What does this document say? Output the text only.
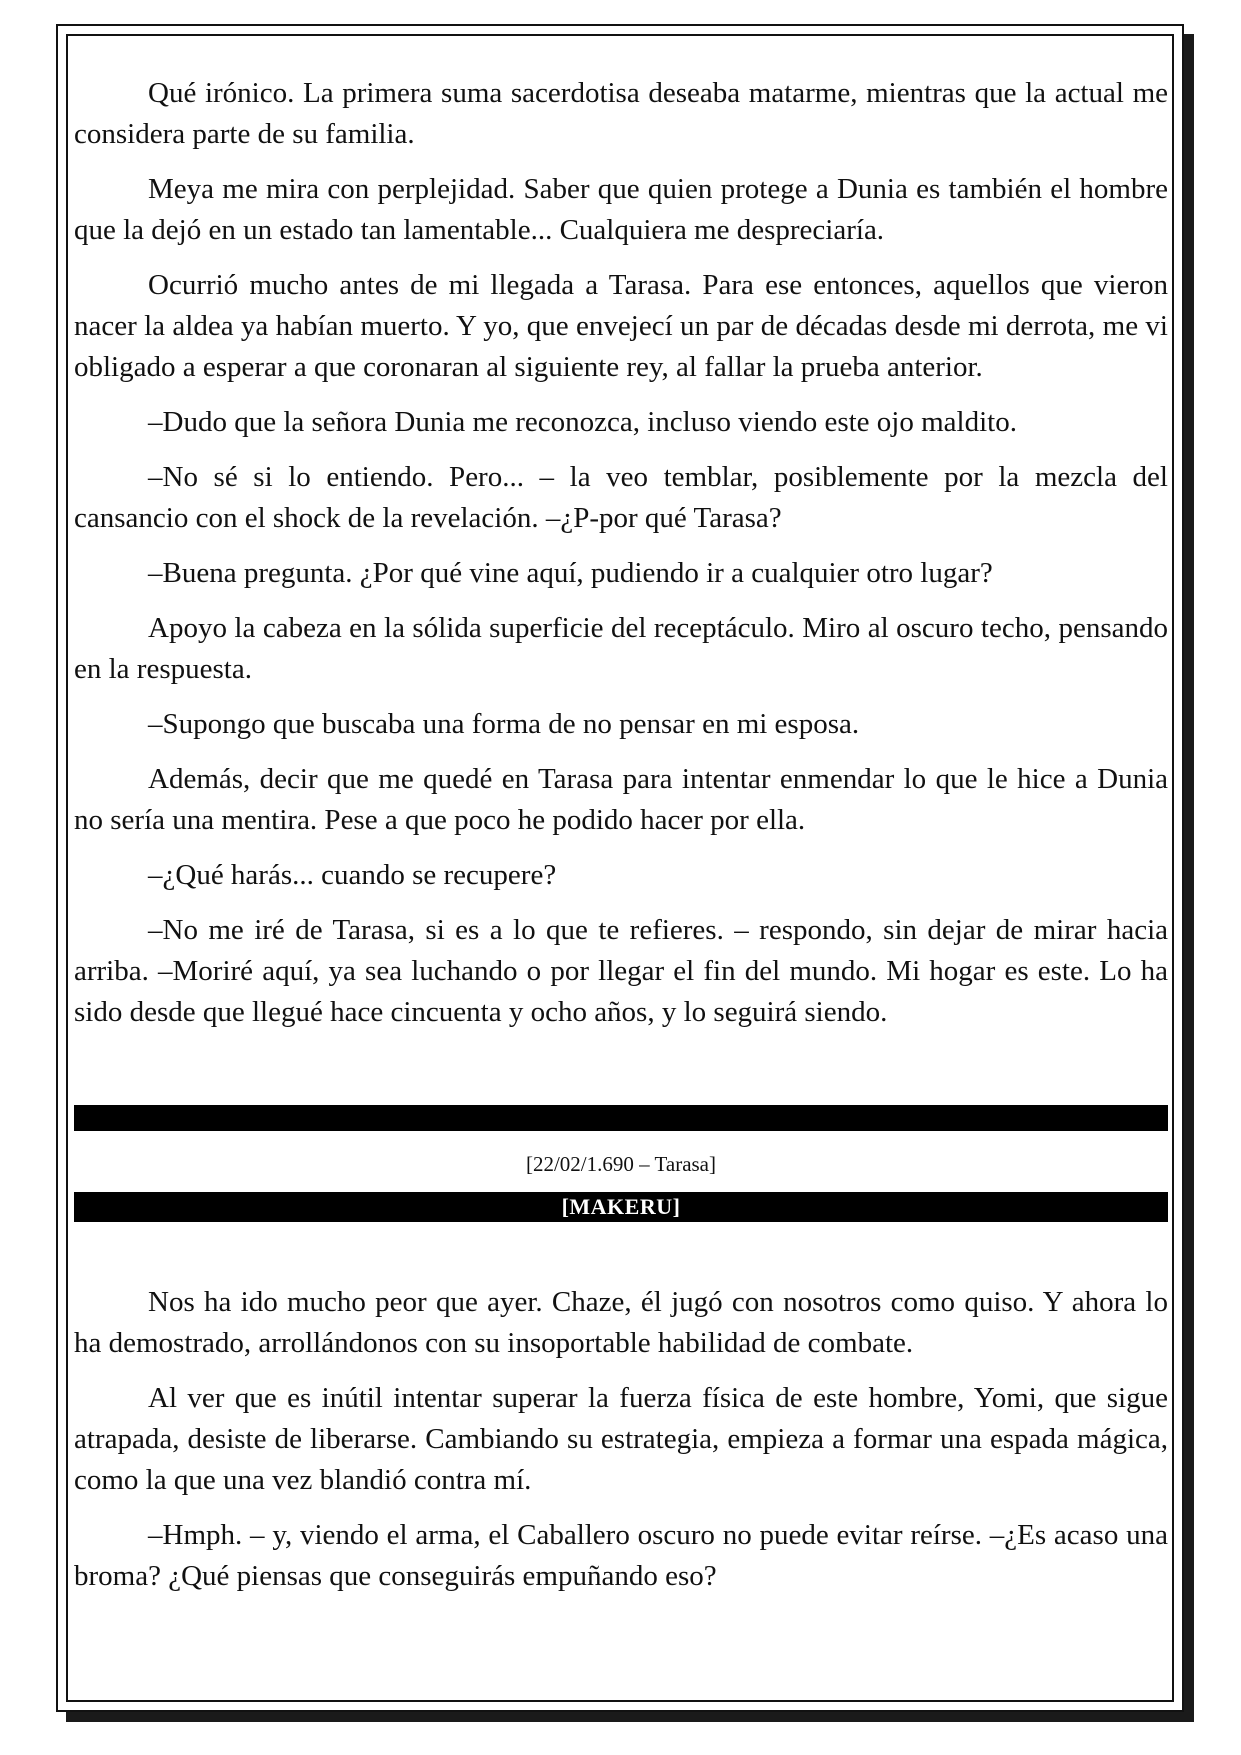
Qué irónico. La primera suma sacerdotisa deseaba matarme, mientras que la actual me considera parte de su familia.

Meya me mira con perplejidad. Saber que quien protege a Dunia es también el hombre que la dejó en un estado tan lamentable... Cualquiera me despreciaría.

Ocurrió mucho antes de mi llegada a Tarasa. Para ese entonces, aquellos que vieron nacer la aldea ya habían muerto. Y yo, que envejecí un par de décadas desde mi derrota, me vi obligado a esperar a que coronaran al siguiente rey, al fallar la prueba anterior.

–Dudo que la señora Dunia me reconozca, incluso viendo este ojo maldito.

–No sé si lo entiendo. Pero... – la veo temblar, posiblemente por la mezcla del cansancio con el shock de la revelación. –¿P-por qué Tarasa?

–Buena pregunta. ¿Por qué vine aquí, pudiendo ir a cualquier otro lugar?

Apoyo la cabeza en la sólida superficie del receptáculo. Miro al oscuro techo, pensando en la respuesta.

–Supongo que buscaba una forma de no pensar en mi esposa.

Además, decir que me quedé en Tarasa para intentar enmendar lo que le hice a Dunia no sería una mentira. Pese a que poco he podido hacer por ella.

–¿Qué harás... cuando se recupere?

–No me iré de Tarasa, si es a lo que te refieres. – respondo, sin dejar de mirar hacia arriba. –Moriré aquí, ya sea luchando o por llegar el fin del mundo. Mi hogar es este. Lo ha sido desde que llegué hace cincuenta y ocho años, y lo seguirá siendo.

[22/02/1.690 – Tarasa]
[MAKERU]

Nos ha ido mucho peor que ayer. Chaze, él jugó con nosotros como quiso. Y ahora lo ha demostrado, arrollándonos con su insoportable habilidad de combate.

Al ver que es inútil intentar superar la fuerza física de este hombre, Yomi, que sigue atrapada, desiste de liberarse. Cambiando su estrategia, empieza a formar una espada mágica, como la que una vez blandió contra mí.

–Hmph. – y, viendo el arma, el Caballero oscuro no puede evitar reírse. –¿Es acaso una broma? ¿Qué piensas que conseguirás empuñando eso?
